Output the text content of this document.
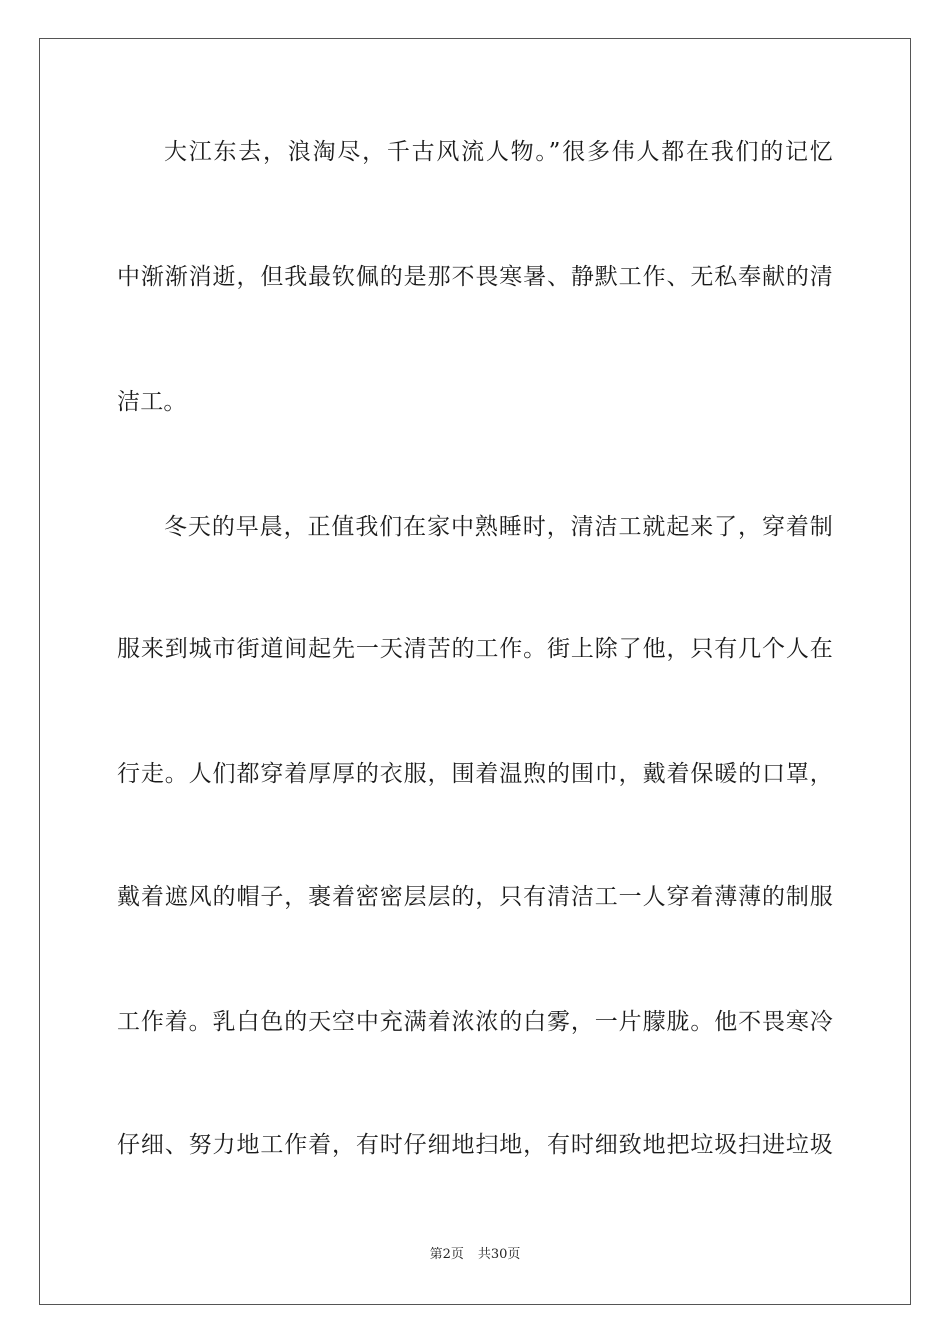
大江东去，浪淘尽，千古风流人物。”很多伟人都在我们的记忆
中渐渐消逝，但我最钦佩的是那不畏寒暑、静默工作、无私奉献的清
洁工。
冬天的早晨，正值我们在家中熟睡时，清洁工就起来了，穿着制
服来到城市街道间起先一天清苦的工作。街上除了他，只有几个人在
行走。人们都穿着厚厚的衣服，围着温煦的围巾，戴着保暖的口罩，
戴着遮风的帽子，裹着密密层层的，只有清洁工一人穿着薄薄的制服
工作着。乳白色的天空中充满着浓浓的白雾，一片朦胧。他不畏寒冷
仔细、努力地工作着，有时仔细地扫地，有时细致地把垃圾扫进垃圾
第2页 共30页
